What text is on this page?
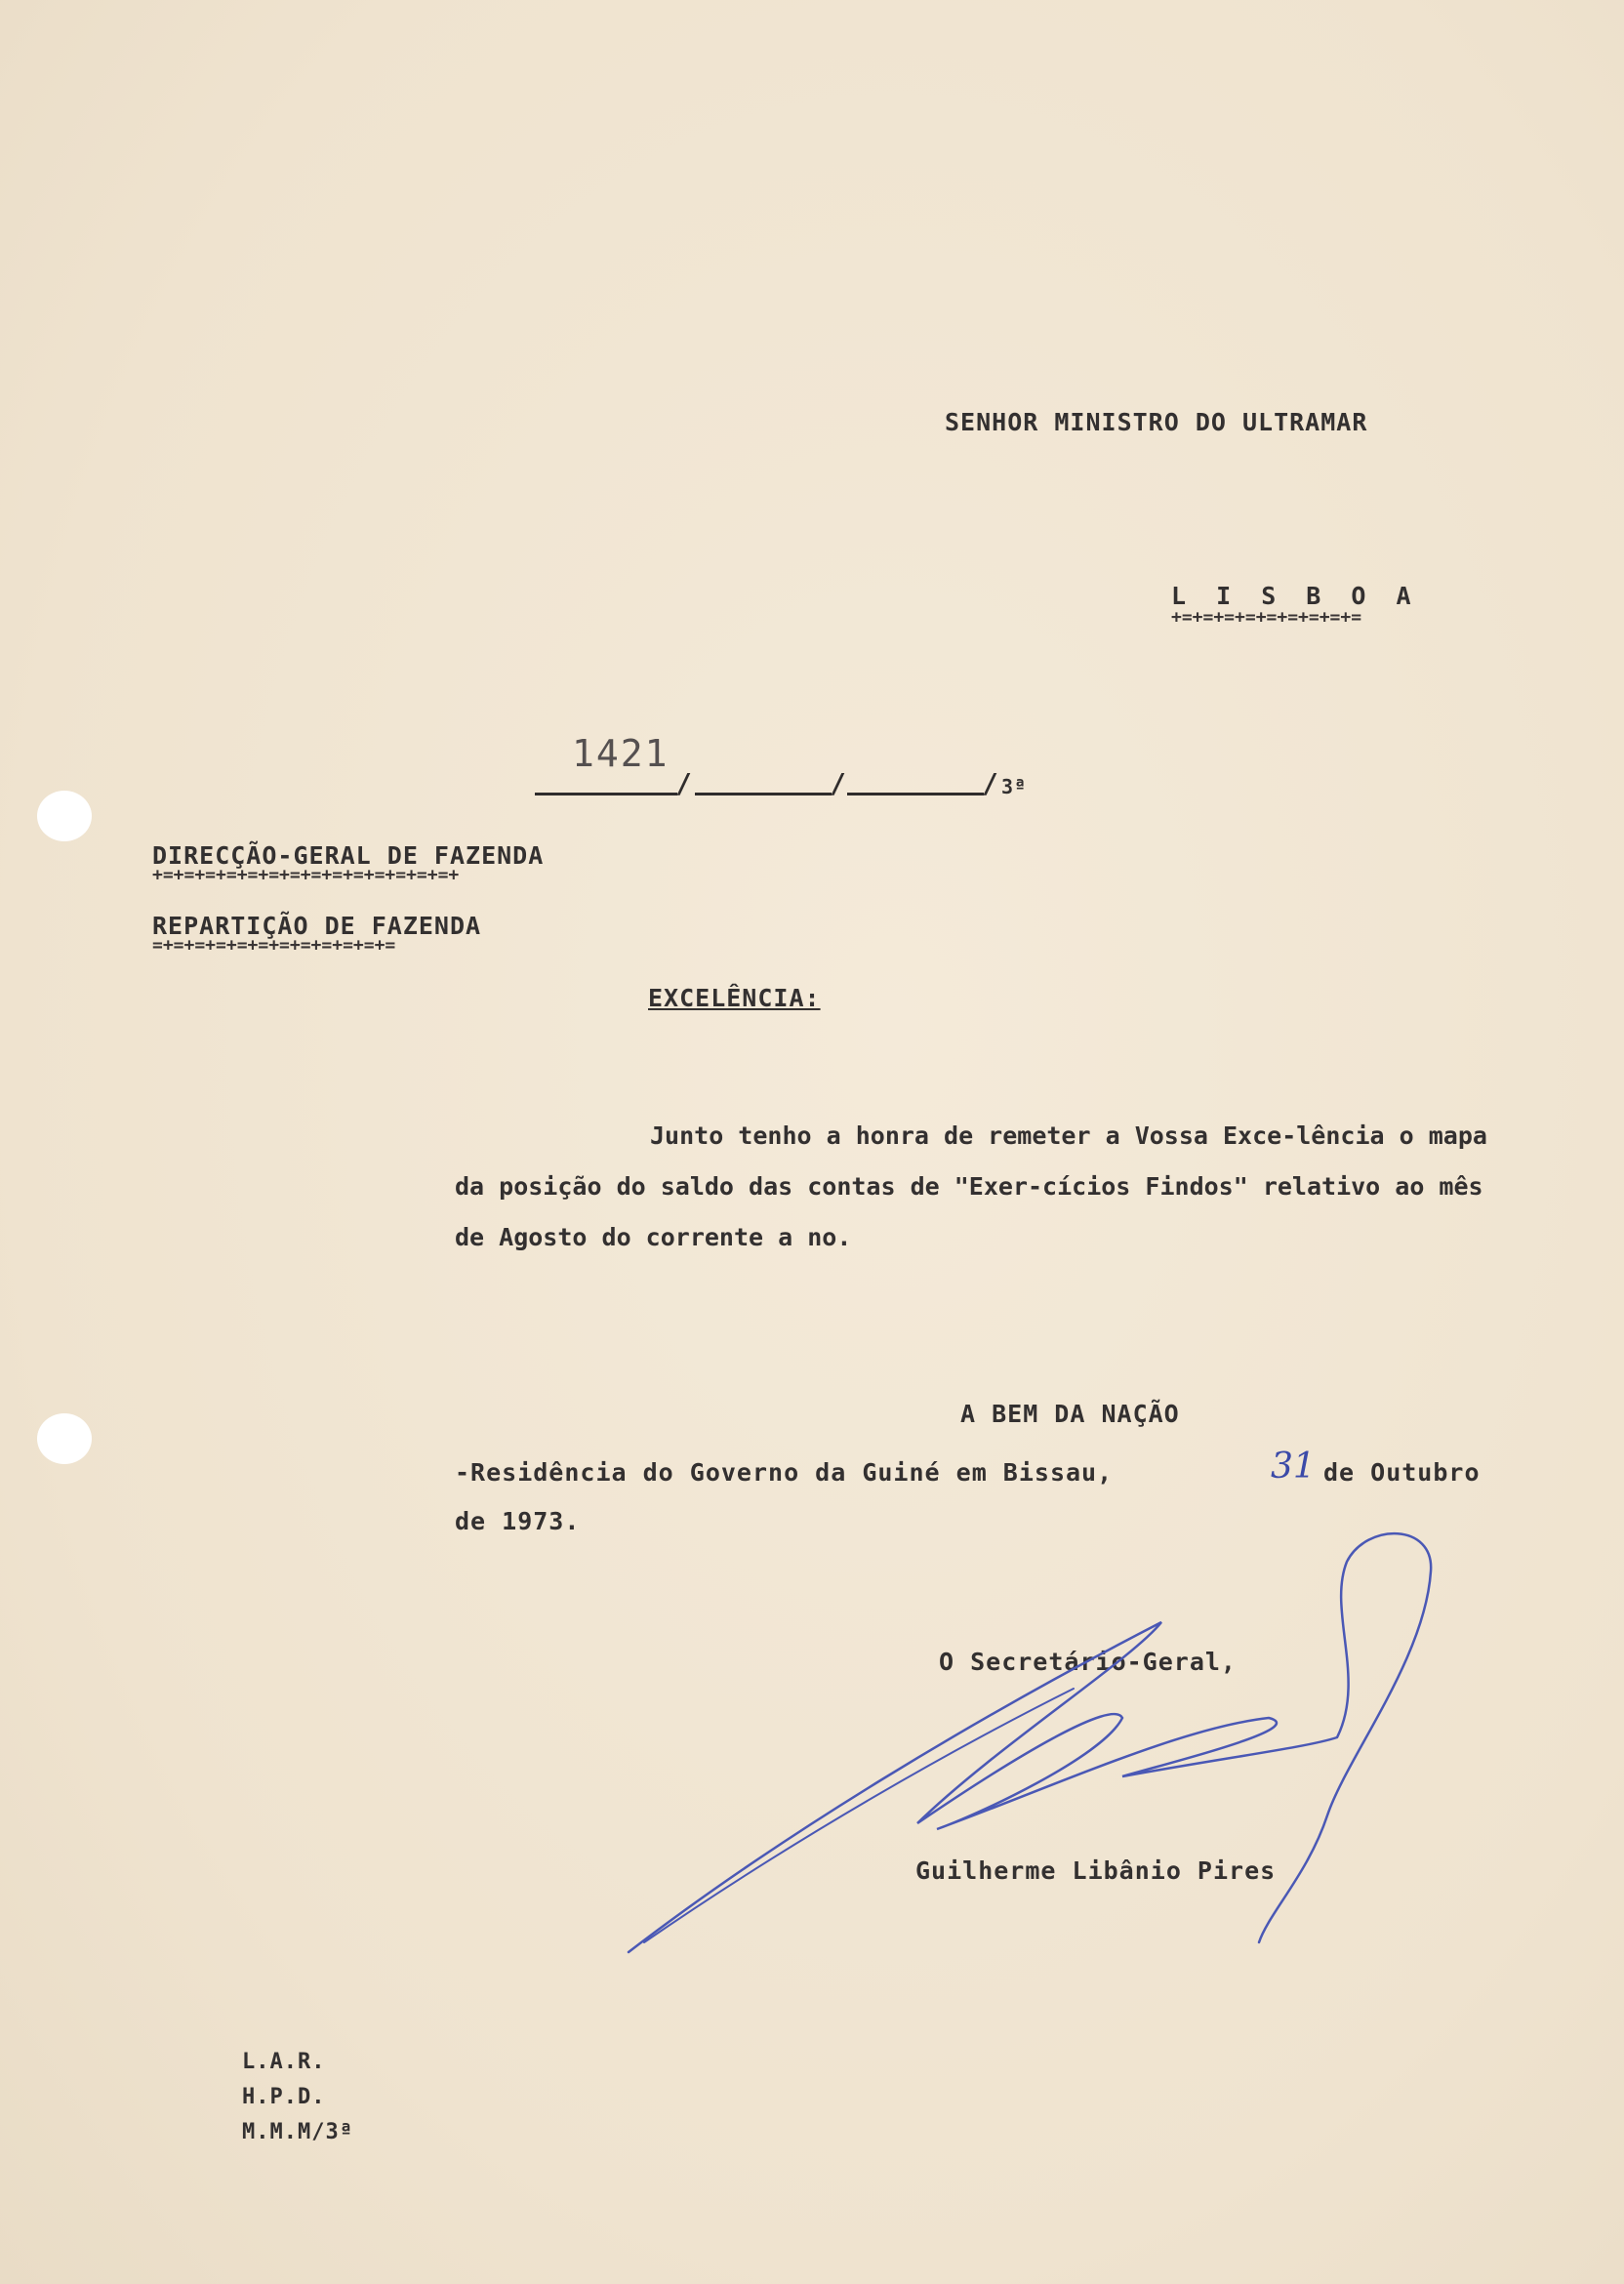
SENHOR MINISTRO DO ULTRAMAR
L I S B O A
+=+=+=+=+=+=+=+=+=
1421
/	/	/ 3ª
DIRECÇÃO-GERAL DE FAZENDA
+=+=+=+=+=+=+=+=+=+=+=+=+=+=+
REPARTIÇÃO DE FAZENDA
=+=+=+=+=+=+=+=+=+=+=+=
EXCELÊNCIA:
Junto tenho a honra de remeter a Vossa Exce-lência o mapa da posição do saldo das contas de "Exer-cícios Findos" relativo ao mês de Agosto do corrente a no.
A BEM DA NAÇÃO
-Residência do Governo da Guiné em Bissau,	31 de Outubro
de 1973.
O Secretário-Geral,
Guilherme Libânio Pires
L.A.R.
H.P.D.
M.M.M/3ª
